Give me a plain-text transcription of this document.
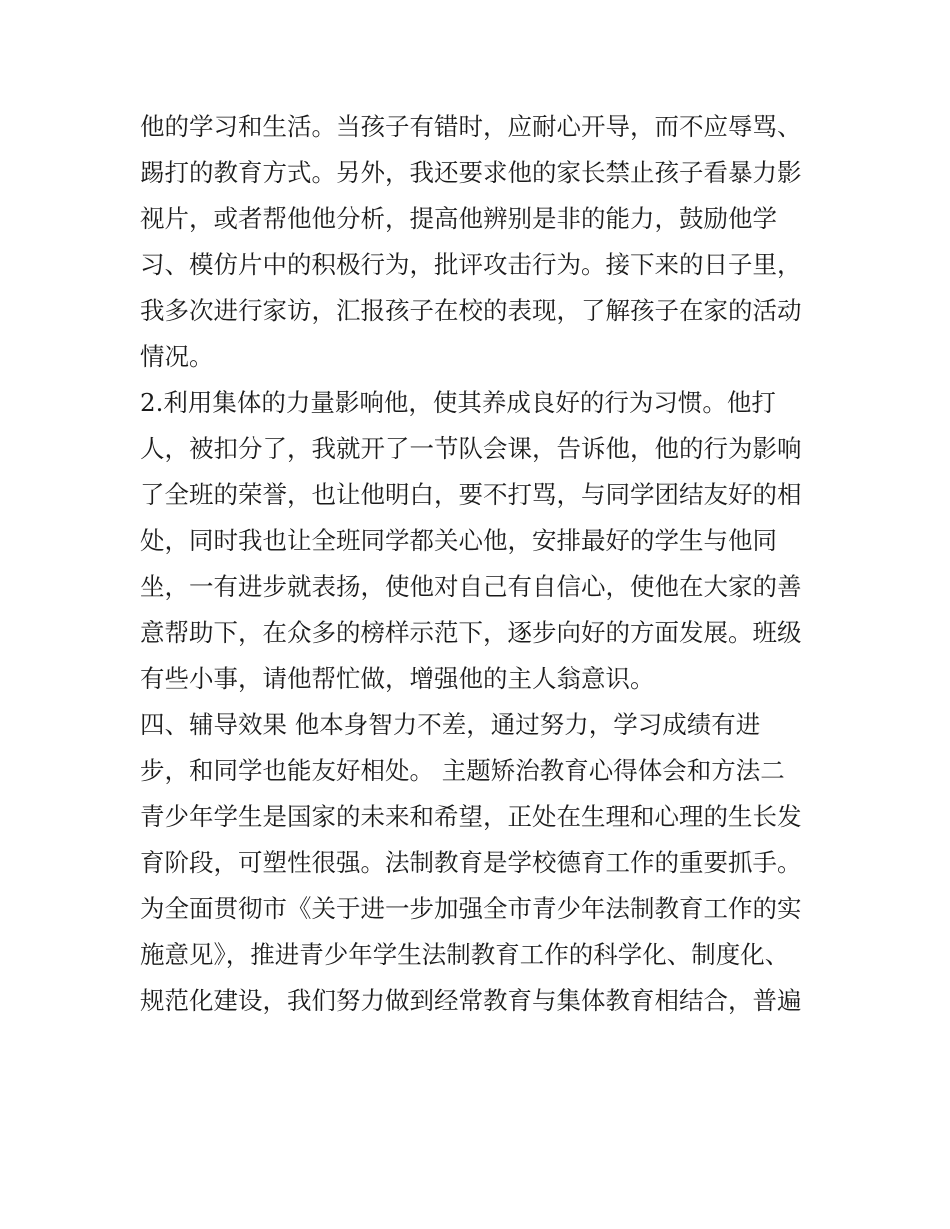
他的学习和生活。当孩子有错时，应耐心开导，而不应辱骂、
踢打的教育方式。另外，我还要求他的家长禁止孩子看暴力影
视片，或者帮他他分析，提高他辨别是非的能力，鼓励他学
习、模仿片中的积极行为，批评攻击行为。接下来的日子里，
我多次进行家访，汇报孩子在校的表现，了解孩子在家的活动
情况。
2.利用集体的力量影响他，使其养成良好的行为习惯。他打
人，被扣分了，我就开了一节队会课，告诉他，他的行为影响
了全班的荣誉，也让他明白，要不打骂，与同学团结友好的相
处，同时我也让全班同学都关心他，安排最好的学生与他同
坐，一有进步就表扬，使他对自己有自信心，使他在大家的善
意帮助下，在众多的榜样示范下，逐步向好的方面发展。班级
有些小事，请他帮忙做，增强他的主人翁意识。
四、辅导效果 他本身智力不差，通过努力，学习成绩有进
步，和同学也能友好相处。 主题矫治教育心得体会和方法二
青少年学生是国家的未来和希望，正处在生理和心理的生长发
育阶段，可塑性很强。法制教育是学校德育工作的重要抓手。
为全面贯彻市《关于进一步加强全市青少年法制教育工作的实
施意见》，推进青少年学生法制教育工作的科学化、制度化、
规范化建设，我们努力做到经常教育与集体教育相结合，普遍
